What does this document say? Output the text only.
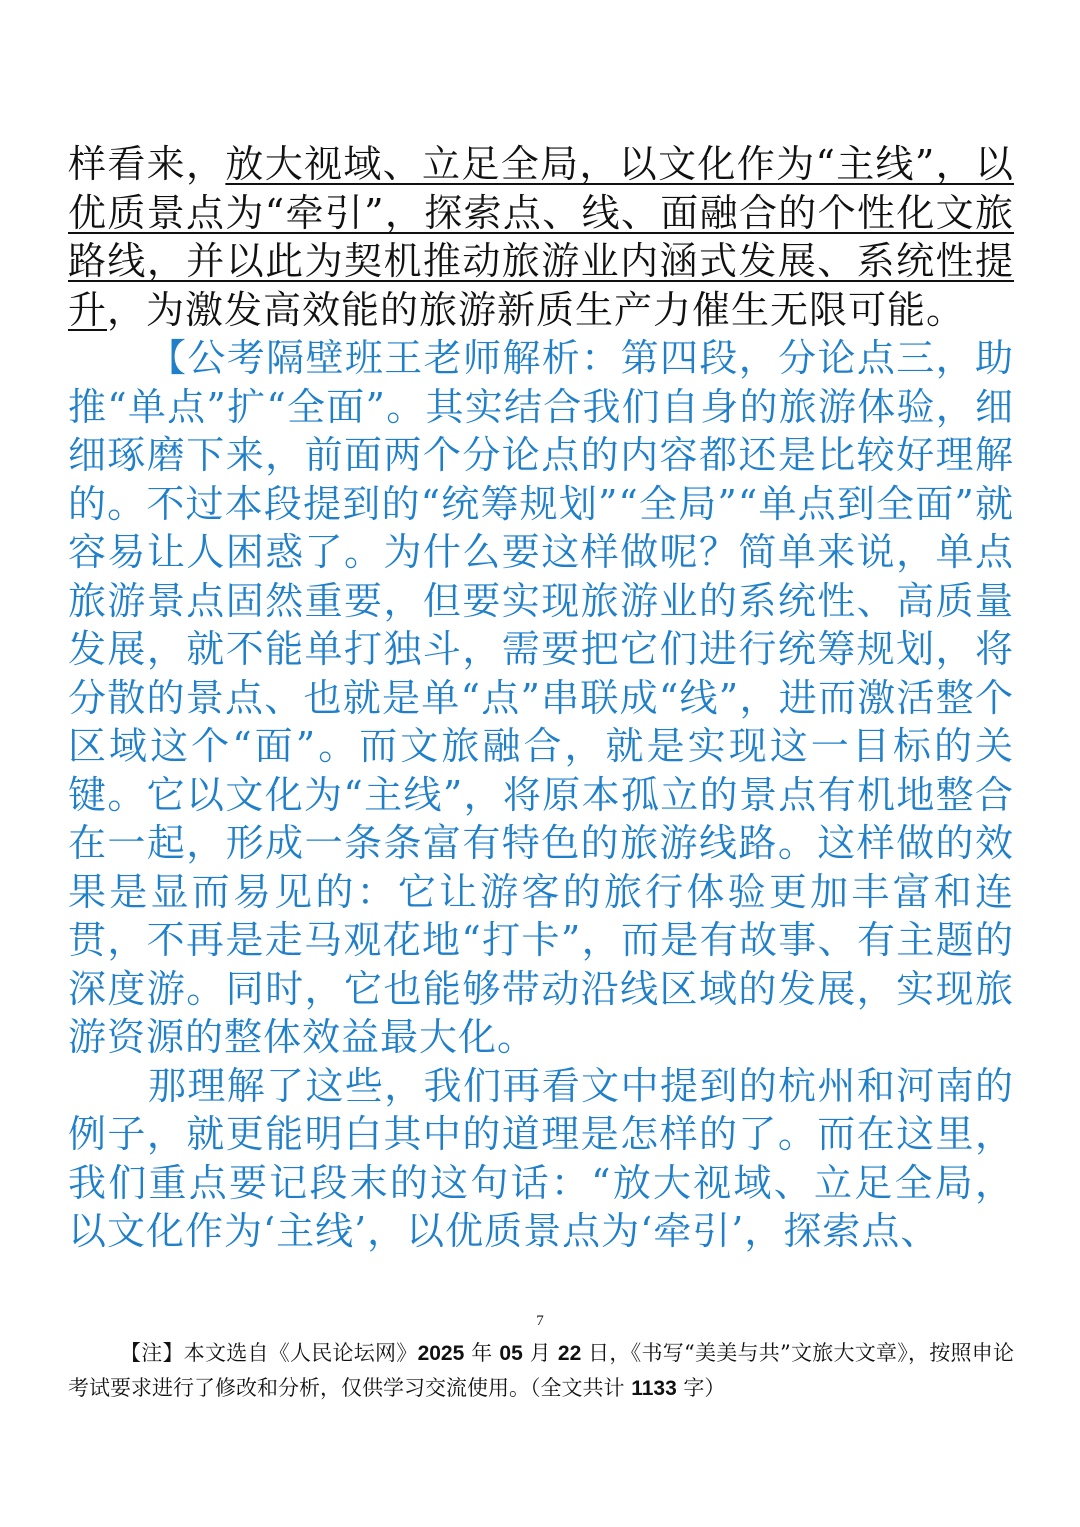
样看来，放大视域、立足全局，以文化作为“主线”，以优质景点为“牵引”，探索点、线、面融合的个性化文旅路线，并以此为契机推动旅游业内涵式发展、系统性提升，为激发高效能的旅游新质生产力催生无限可能。

【公考隔壁班王老师解析：第四段，分论点三，助推“单点”扩“全面”。其实结合我们自身的旅游体验，细细琢磨下来，前面两个分论点的内容都还是比较好理解的。不过本段提到的“统筹规划”“全局”“单点到全面”就容易让人困惑了。为什么要这样做呢？简单来说，单点旅游景点固然重要，但要实现旅游业的系统性、高质量发展，就不能单打独斗，需要把它们进行统筹规划，将分散的景点、也就是单“点”串联成“线”，进而激活整个区域这个“面”。而文旅融合，就是实现这一目标的关键。它以文化为“主线”，将原本孤立的景点有机地整合在一起，形成一条条富有特色的旅游线路。这样做的效果是显而易见的：它让游客的旅行体验更加丰富和连贯，不再是走马观花地“打卡”，而是有故事、有主题的深度游。同时，它也能够带动沿线区域的发展，实现旅游资源的整体效益最大化。

那理解了这些，我们再看文中提到的杭州和河南的例子，就更能明白其中的道理是怎样的了。而在这里，我们重点要记段末的这句话：“放大视域、立足全局，以文化作为‘主线’，以优质景点为‘牵引’，探索点、

7

【注】本文选自《人民论坛网》2025 年 05 月 22 日，《书写“美美与共”文旅大文章》，按照申论考试要求进行了修改和分析，仅供学习交流使用。（全文共计 1133 字）
